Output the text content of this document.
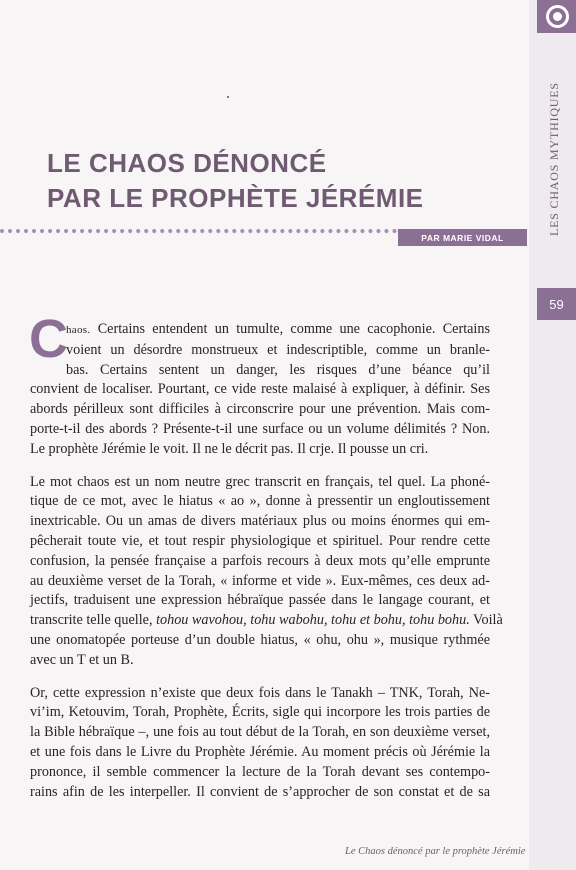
LES CHAOS MYTHIQUES
59
LE CHAOS DÉNONCÉ
PAR LE PROPHÈTE JÉRÉMIE
PAR MARIE VIDAL

C
haos. Certains entendent un tumulte, comme une cacophonie. Certains
voient un désordre monstrueux et indescriptible, comme un branle-
bas. Certains sentent un danger, les risques d’une béance qu’il
convient de localiser. Pourtant, ce vide reste malaisé à expliquer, à définir. Ses
abords périlleux sont difficiles à circonscrire pour une prévention. Mais com-
porte-t-il des abords ? Présente-t-il une surface ou un volume délimités ? Non.
Le prophète Jérémie le voit. Il ne le décrit pas. Il crje. Il pousse un cri.

Le mot chaos est un nom neutre grec transcrit en français, tel quel. La phoné-
tique de ce mot, avec le hiatus « ao », donne à pressentir un engloutissement
inextricable. Ou un amas de divers matériaux plus ou moins énormes qui em-
pêcherait toute vie, et tout respir physiologique et spirituel. Pour rendre cette
confusion, la pensée française a parfois recours à deux mots qu’elle emprunte
au deuxième verset de la Torah, « informe et vide ». Eux-mêmes, ces deux ad-
jectifs, traduisent une expression hébraïque passée dans le langage courant, et
transcrite telle quelle, tohou wavohou, tohu wabohu, tohu et bohu, tohu bohu. Voilà
une onomatopée porteuse d’un double hiatus, « ohu, ohu », musique rythmée
avec un T et un B.

Or, cette expression n’existe que deux fois dans le Tanakh – TNK, Torah, Ne-
vi’im, Ketouvim, Torah, Prophète, Écrits, sigle qui incorpore les trois parties de
la Bible hébraïque –, une fois au tout début de la Torah, en son deuxième verset,
et une fois dans le Livre du Prophète Jérémie. Au moment précis où Jérémie la
prononce, il semble commencer la lecture de la Torah devant ses contempo-
rains afin de les interpeller. Il convient de s’approcher de son constat et de sa

Le Chaos dénoncé par le prophète Jérémie
